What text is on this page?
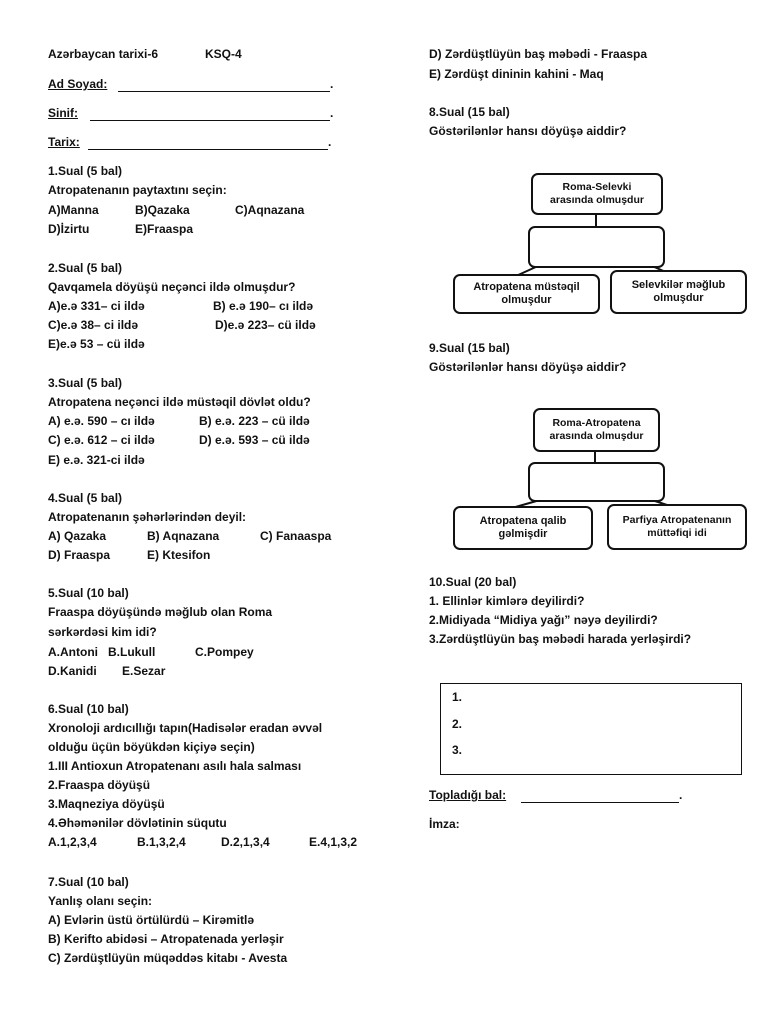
Azərbaycan tarixi-6	KSQ-4
Ad Soyad:	.
Sinif:	.
Tarix:	.
1.Sual (5 bal)
Atropatenanın paytaxtını seçin:
A)Manna	B)Qazaka	C)Aqnazana
D)İzirtu	E)Fraaspa
2.Sual (5 bal)
Qavqamela döyüşü neçənci ildə olmuşdur?
A)e.ə 331– ci ildə	B) e.ə 190– cı ildə
C)e.ə 38– ci ildə	D)e.ə 223– cü ildə
E)e.ə 53 – cü ildə
3.Sual (5 bal)
Atropatena neçənci ildə müstəqil dövlət oldu?
A) e.ə. 590 – cı ildə	B) e.ə. 223 – cü ildə
C) e.ə. 612 – ci ildə	D) e.ə. 593 – cü ildə
E) e.ə. 321-ci ildə
4.Sual (5 bal)
Atropatenanın şəhərlərindən deyil:
A) Qazaka	B) Aqnazana	C) Fanaaspa
D) Fraaspa	E) Ktesifon
5.Sual (10 bal)
Fraaspa döyüşündə məğlub olan Roma
sərkərdəsi kim idi?
A.Antoni B.Lukull	C.Pompey
D.Kanidi E.Sezar
6.Sual (10 bal)
Xronoloji ardıcıllığı tapın(Hadisələr eradan əvvəl
olduğu üçün böyükdən kiçiyə seçin)
1.III Antioxun Atropatenanı asılı hala salması
2.Fraaspa döyüşü
3.Maqneziya döyüşü
4.Əhəmənilər dövlətinin süqutu
A.1,2,3,4	B.1,3,2,4	D.2,1,3,4	E.4,1,3,2
7.Sual (10 bal)
Yanlış olanı seçin:
A) Evlərin üstü örtülürdü – Kirəmitlə
B) Kerifto abidəsi – Atropatenada yerləşir
C) Zərdüştlüyün müqəddəs kitabı - Avesta
D) Zərdüştlüyün baş məbədi - Fraaspa
E) Zərdüşt dininin kahini - Maq
8.Sual (15 bal)
Göstərilənlər hansı döyüşə aiddir?
Roma-Selevki
arasında olmuşdur
Atropatena müstəqil
olmuşdur
Selevkilər məğlub
olmuşdur
9.Sual (15 bal)
Göstərilənlər hansı döyüşə aiddir?
Roma-Atropatena
arasında olmuşdur
Atropatena qalib
gəlmişdir
Parfiya Atropatenanın
müttəfiqi idi
10.Sual (20 bal)
1. Ellinlər kimlərə deyilirdi?
2.Midiyada “Midiya yağı” nəyə deyilirdi?
3.Zərdüştlüyün baş məbədi harada yerləşirdi?
1.
2.
3.
Topladığı bal:	.
İmza:
